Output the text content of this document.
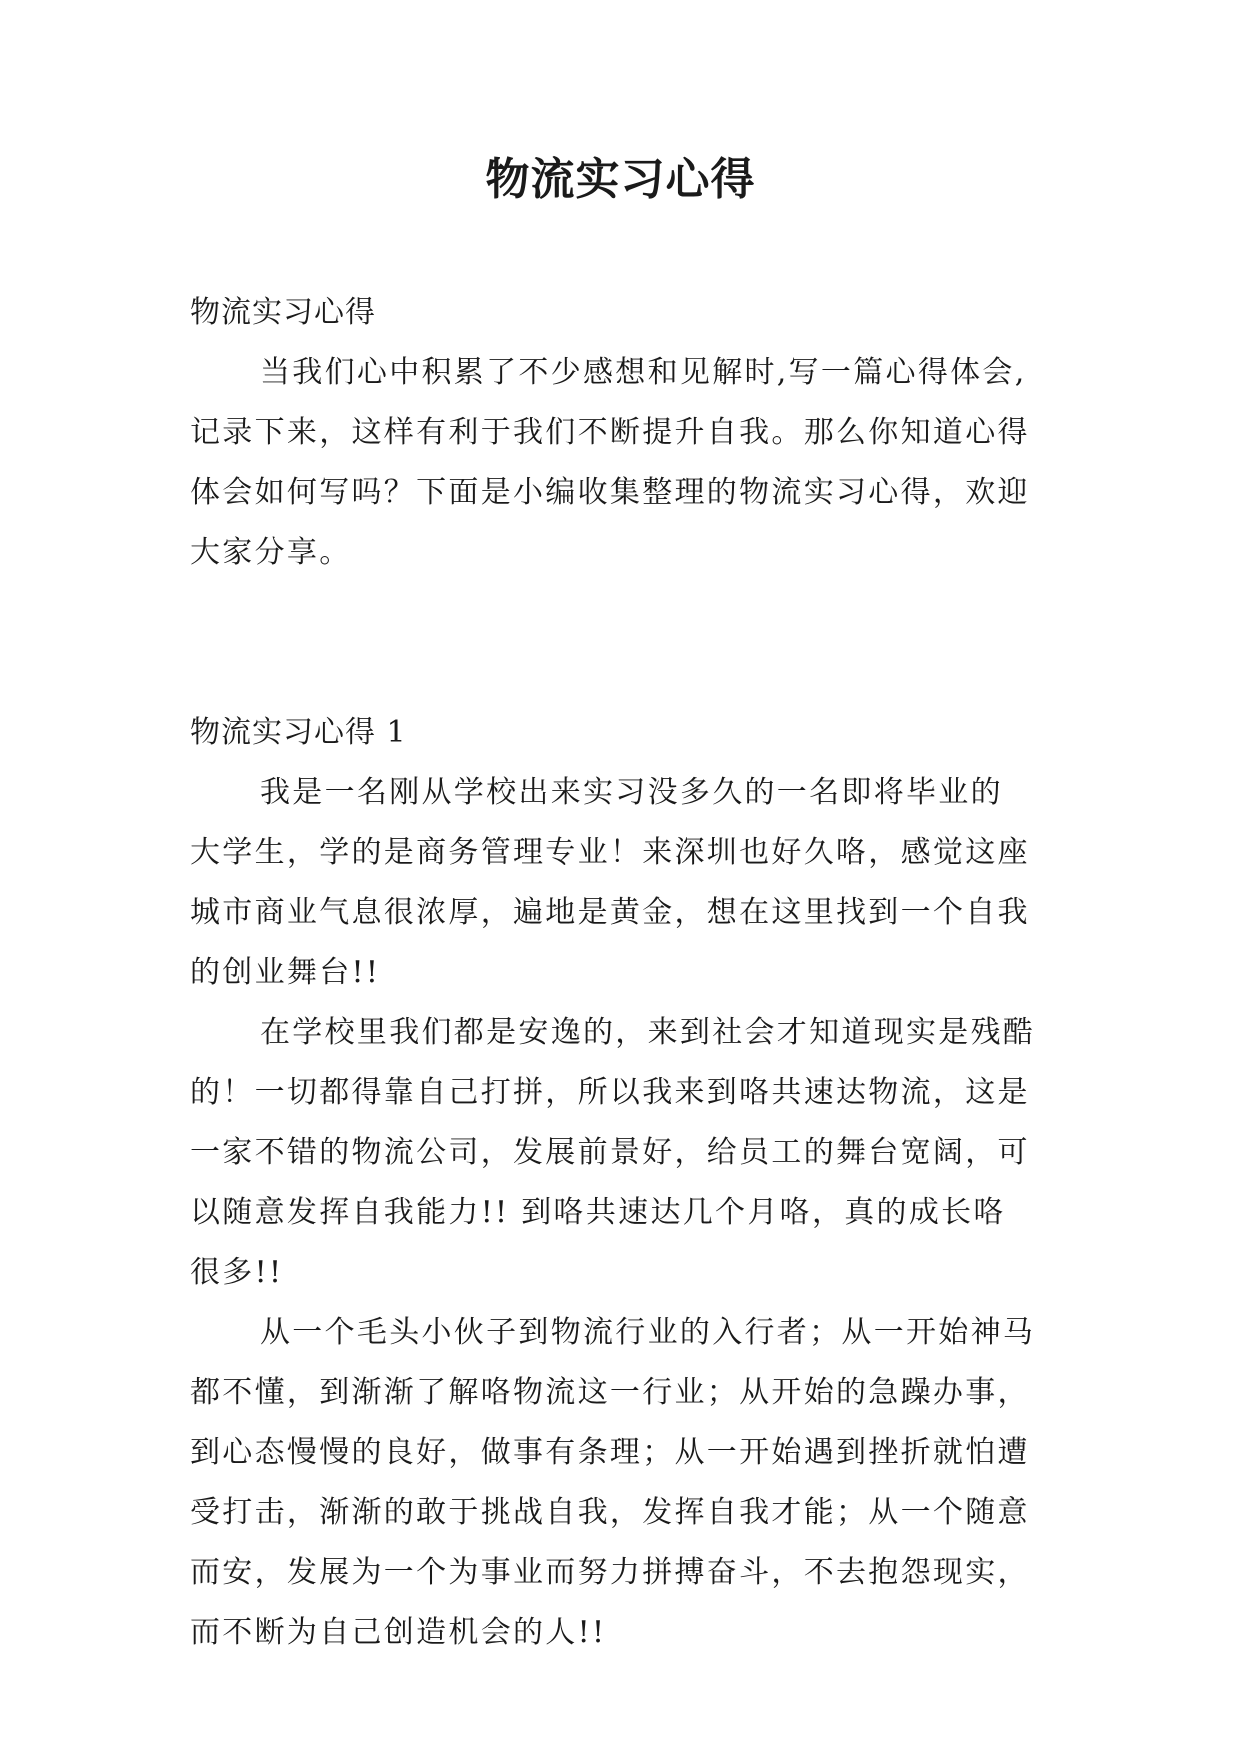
物流实习心得
物流实习心得

当我们心中积累了不少感想和见解时,写一篇心得体会,
记录下来，这样有利于我们不断提升自我。那么你知道心得
体会如何写吗？下面是小编收集整理的物流实习心得，欢迎
大家分享。

物流实习心得 1

我是一名刚从学校出来实习没多久的一名即将毕业的
大学生，学的是商务管理专业！来深圳也好久咯，感觉这座
城市商业气息很浓厚，遍地是黄金，想在这里找到一个自我
的创业舞台!!

在学校里我们都是安逸的，来到社会才知道现实是残酷
的！一切都得靠自己打拼，所以我来到咯共速达物流，这是
一家不错的物流公司，发展前景好，给员工的舞台宽阔，可
以随意发挥自我能力!! 到咯共速达几个月咯，真的成长咯
很多!!

从一个毛头小伙子到物流行业的入行者；从一开始神马
都不懂，到渐渐了解咯物流这一行业；从开始的急躁办事，
到心态慢慢的良好，做事有条理；从一开始遇到挫折就怕遭
受打击，渐渐的敢于挑战自我，发挥自我才能；从一个随意
而安，发展为一个为事业而努力拼搏奋斗，不去抱怨现实，
而不断为自己创造机会的人!!
